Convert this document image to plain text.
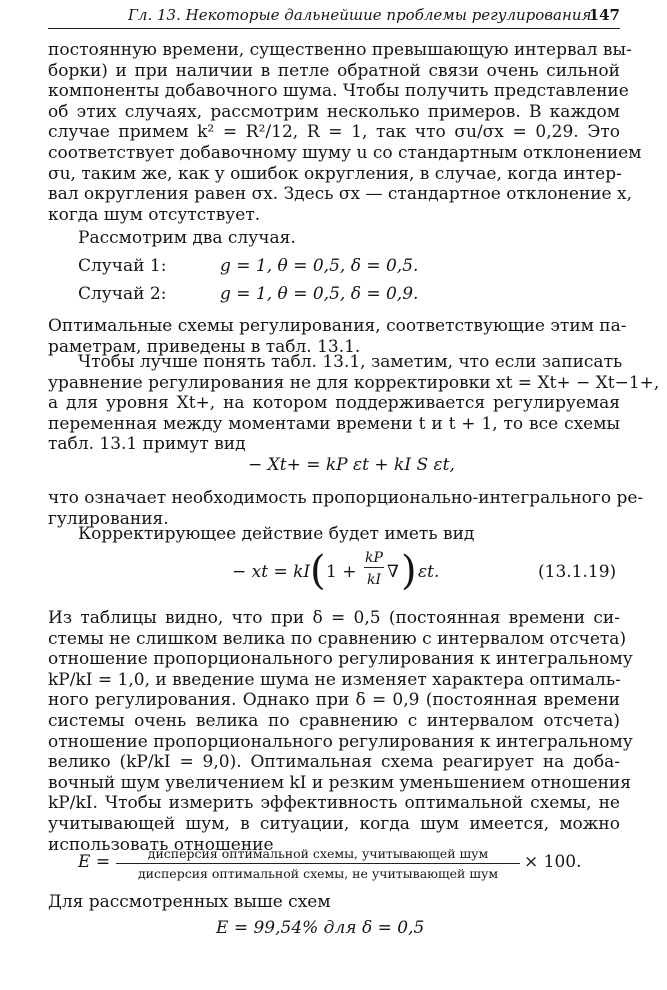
Гл. 13. Некоторые дальнейшие проблемы регулирования
147

постоянную времени, существенно превышающую интервал вы-
борки) и при наличии в петле обратной связи очень сильной
компоненты добавочного шума. Чтобы получить представление
об этих случаях, рассмотрим несколько примеров. В каждом
случае примем k² = R²/12, R = 1, так что σu/σx = 0,29. Это
соответствует добавочному шуму u со стандартным отклонением
σu, таким же, как у ошибок округления, в случае, когда интер-
вал округления равен σx. Здесь σx — стандартное отклонение x,
когда шум отсутствует.

Рассмотрим два случая.

Случай 1:	g = 1, θ = 0,5, δ = 0,5.
Случай 2:	g = 1, θ = 0,5, δ = 0,9.

Оптимальные схемы регулирования, соответствующие этим па-
раметрам, приведены в табл. 13.1.

Чтобы лучше понять табл. 13.1, заметим, что если записать
уравнение регулирования не для корректировки xt = Xt+ − Xt−1+,
а для уровня Xt+, на котором поддерживается регулируемая
переменная между моментами времени t и t + 1, то все схемы
табл. 13.1 примут вид

− Xt+ = kP εt + kI S εt,

что означает необходимость пропорционально-интегрального ре-
гулирования.

Корректирующее действие будет иметь вид

− xt = kI ( 1 +
kP
kI ∇ ) εt.	(13.1.19)

Из таблицы видно, что при δ = 0,5 (постоянная времени си-
стемы не слишком велика по сравнению с интервалом отсчета)
отношение пропорционального регулирования к интегральному
kP/kI = 1,0, и введение шума не изменяет характера оптималь-
ного регулирования. Однако при δ = 0,9 (постоянная времени
системы очень велика по сравнению с интервалом отсчета)
отношение пропорционального регулирования к интегральному
велико (kP/kI = 9,0). Оптимальная схема реагирует на доба-
вочный шум увеличением kI и резким уменьшением отношения
kP/kI. Чтобы измерить эффективность оптимальной схемы, не
учитывающей шум, в ситуации, когда шум имеется, можно
использовать отношение

E =	дисперсия оптимальной схемы, учитывающей шум
дисперсия оптимальной схемы, не учитывающей шум
× 100.

Для рассмотренных выше схем

E = 99,54% для δ = 0,5
